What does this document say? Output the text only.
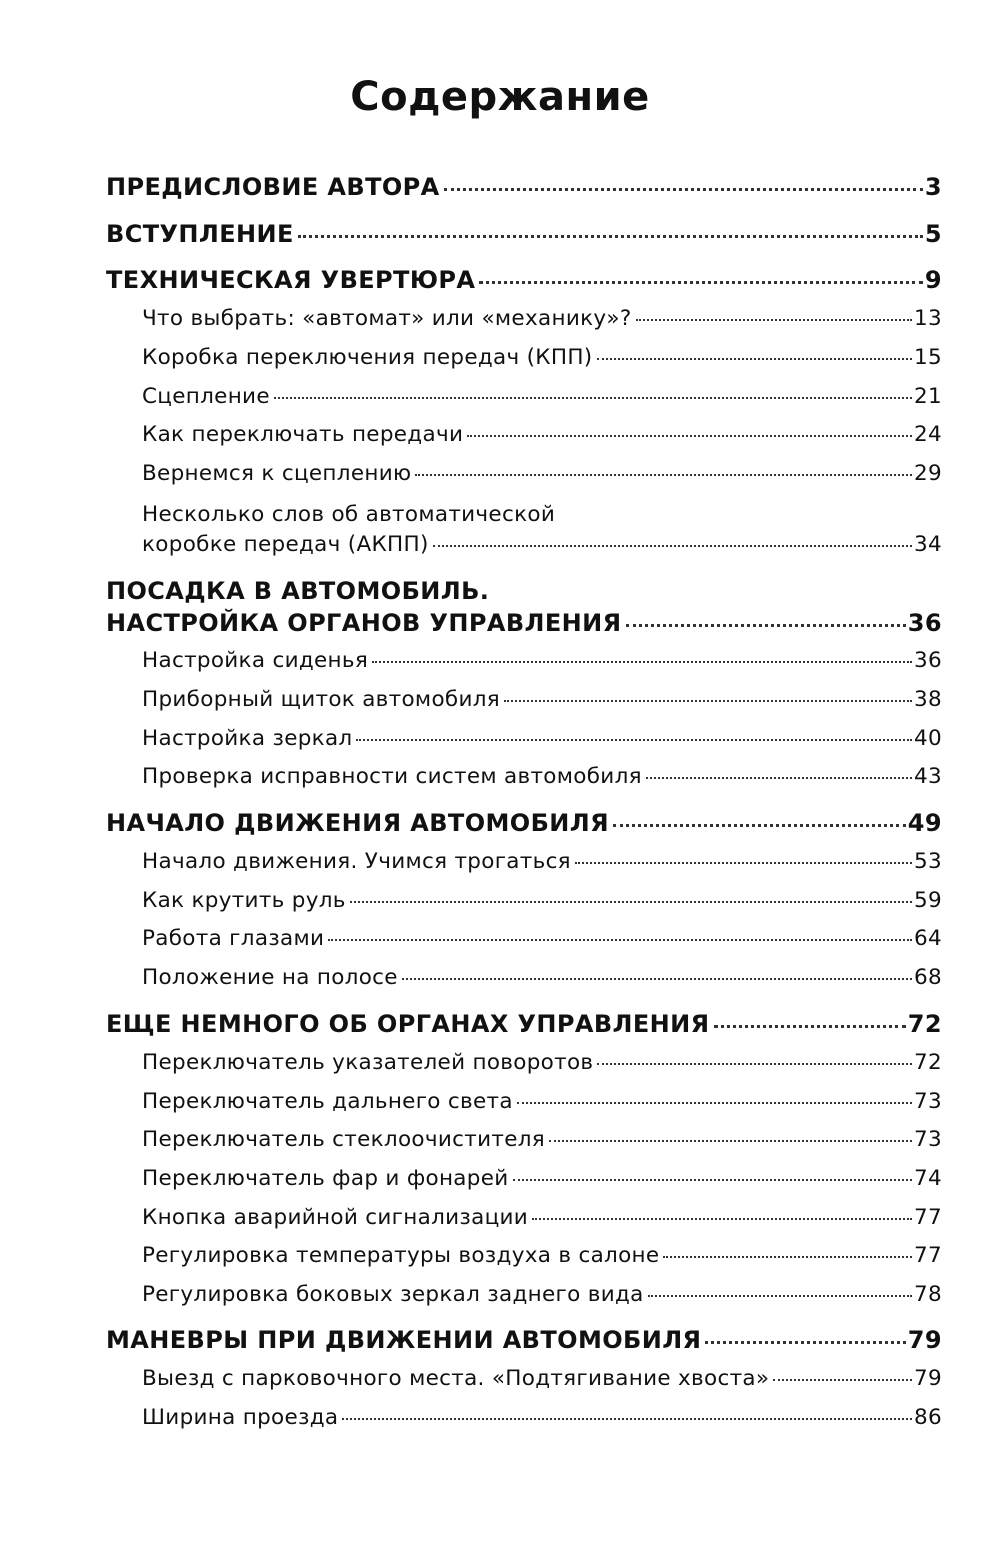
Содержание
ПРЕДИСЛОВИЕ АВТОРА	3
ВСТУПЛЕНИЕ	5
ТЕХНИЧЕСКАЯ УВЕРТЮРА	9
Что выбрать: «автомат» или «механику»?	13
Коробка переключения передач (КПП)	15
Сцепление	21
Как переключать передачи	24
Вернемся к сцеплению	29
Несколько слов об автоматической
коробке передач (АКПП)	34
ПОСАДКА В АВТОМОБИЛЬ.
НАСТРОЙКА ОРГАНОВ УПРАВЛЕНИЯ	36
Настройка сиденья	36
Приборный щиток автомобиля	38
Настройка зеркал	40
Проверка исправности систем автомобиля	43
НАЧАЛО ДВИЖЕНИЯ АВТОМОБИЛЯ	49
Начало движения. Учимся трогаться	53
Как крутить руль	59
Работа глазами	64
Положение на полосе	68
ЕЩЕ НЕМНОГО ОБ ОРГАНАХ УПРАВЛЕНИЯ	72
Переключатель указателей поворотов	72
Переключатель дальнего света	73
Переключатель стеклоочистителя	73
Переключатель фар и фонарей	74
Кнопка аварийной сигнализации	77
Регулировка температуры воздуха в салоне	77
Регулировка боковых зеркал заднего вида	78
МАНЕВРЫ ПРИ ДВИЖЕНИИ АВТОМОБИЛЯ	79
Выезд с парковочного места. «Подтягивание хвоста»	79
Ширина проезда	86
